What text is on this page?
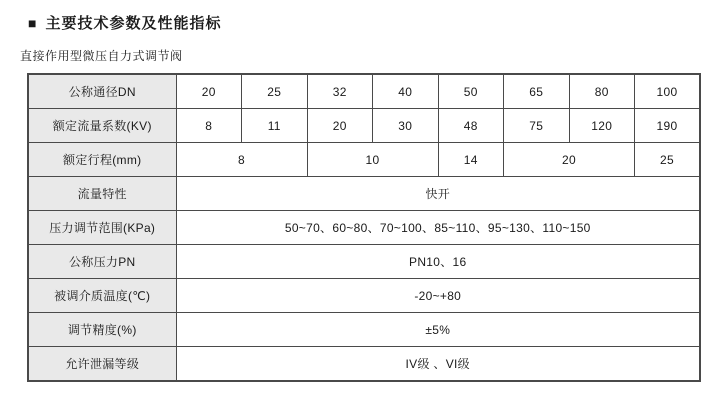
■ 主要技术参数及性能指标
直接作用型微压自力式调节阀
公称通径DN	20	25	32	40	50	65	80	100
额定流量系数(KV)	8	11	20	30	48	75	120	190
额定行程(mm)	8		10		14	20		25
流量特性	快开							
压力调节范围(KPa)	50~70、60~80、70~100、85~110、95~130、110~150							
公称压力PN	PN10、16							
被调介质温度(℃)	-20~+80							
调节精度(%)	±5%							
允许泄漏等级	IV级 、VI级							
